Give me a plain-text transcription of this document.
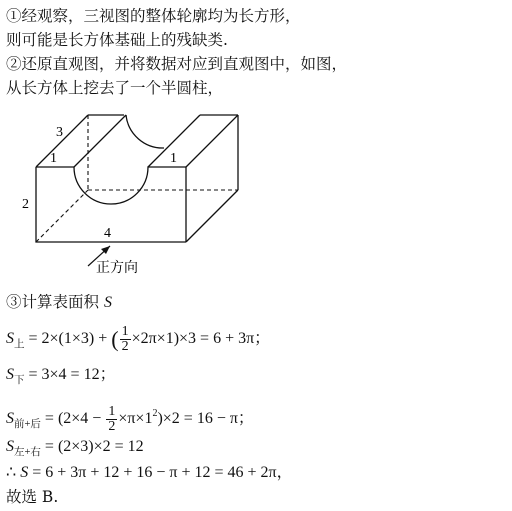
①经观察，三视图的整体轮廓均为长方形，
则可能是长方体基础上的残缺类.
②还原直观图，并将数据对应到直观图中，如图，
从长方体上挖去了一个半圆柱，
3
1	1
2
4
正方向
③计算表面积 S
$S_上 = 2\times(1\times 3)$ + ( $\frac{1}{2} \times 2\pi\times 1)\times 3 = 6 + 3\pi$；
$S_下 = 3\times 4 = 12$；
$S_{前+后} = (2\times 4 - \frac{1}{2} \times\pi\times 1^2)\times 2 = 16 - \pi$；
$S_{左+右} = (2\times 3)\times 2 = 12$
∴ S = 6 + 3π + 12 + 16 − π + 12 = 46 + 2π，
故选 B.
